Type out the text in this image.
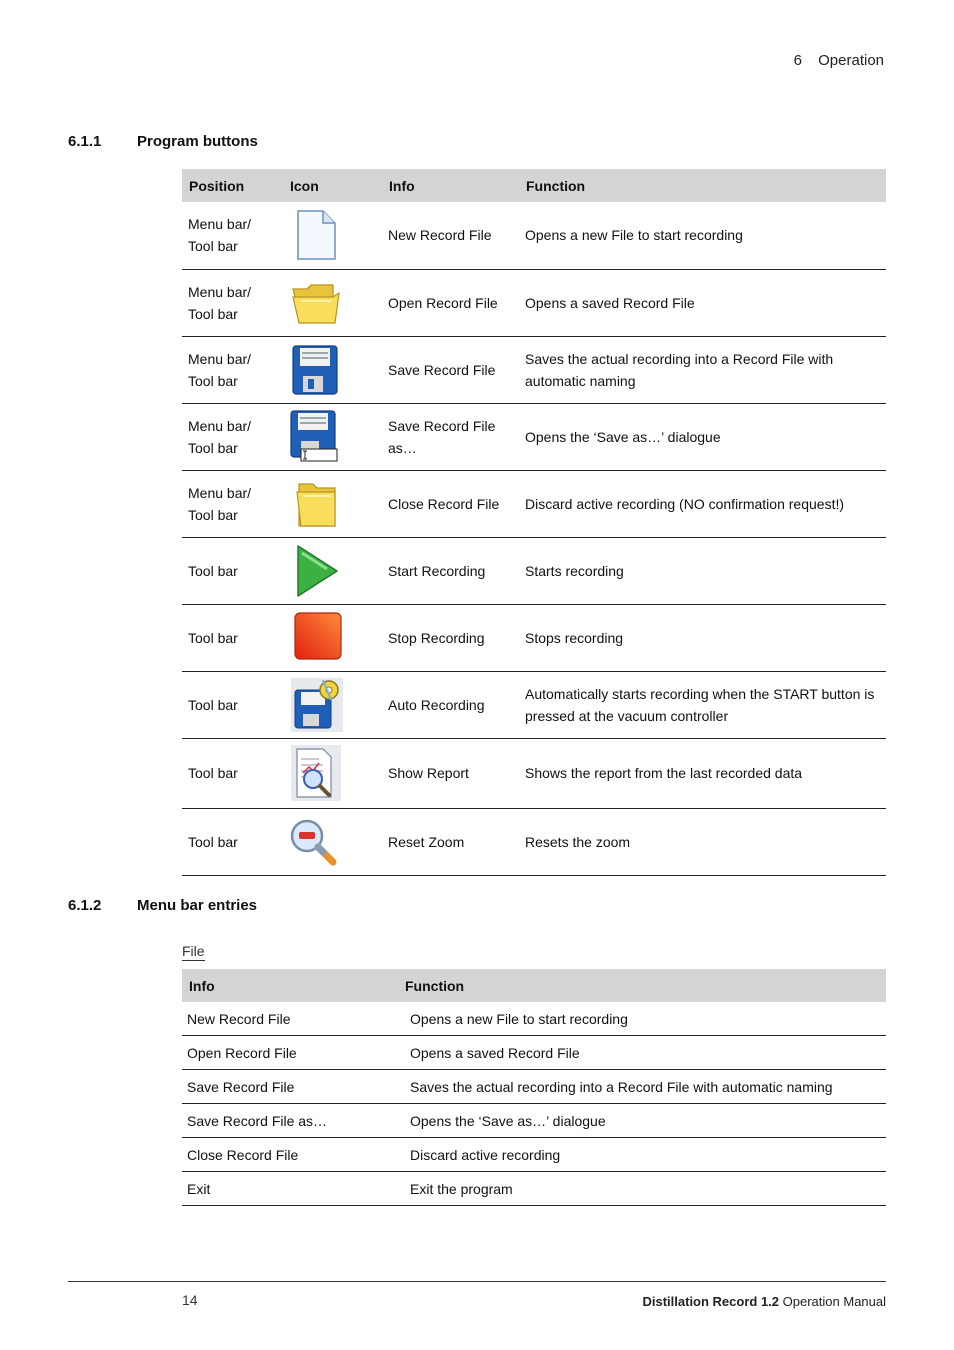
6 Operation
6.1.1 Program buttons
Position	Icon	Info	Function
Menu bar/
Tool bar		New Record File	Opens a new File to start recording
Menu bar/
Tool bar		Open Record File	Opens a saved Record File
Menu bar/
Tool bar		Save Record File	Saves the actual recording into a Record File with automatic naming
Menu bar/
Tool bar		Save Record File as…	Opens the ‘Save as…’ dialogue
Menu bar/
Tool bar		Close Record File	Discard active recording (NO confirmation request!)
Tool bar		Start Recording	Starts recording
Tool bar		Stop Recording	Stops recording
Tool bar		Auto Recording	Automatically starts recording when the START button is pressed at the vacuum controller
Tool bar		Show Report	Shows the report from the last recorded data
Tool bar		Reset Zoom	Resets the zoom
6.1.2 Menu bar entries
File
Info	Function
New Record File	Opens a new File to start recording
Open Record File	Opens a saved Record File
Save Record File	Saves the actual recording into a Record File with automatic naming
Save Record File as…	Opens the ‘Save as…’ dialogue
Close Record File	Discard active recording
Exit	Exit the program
14	Distillation Record 1.2 Operation Manual
